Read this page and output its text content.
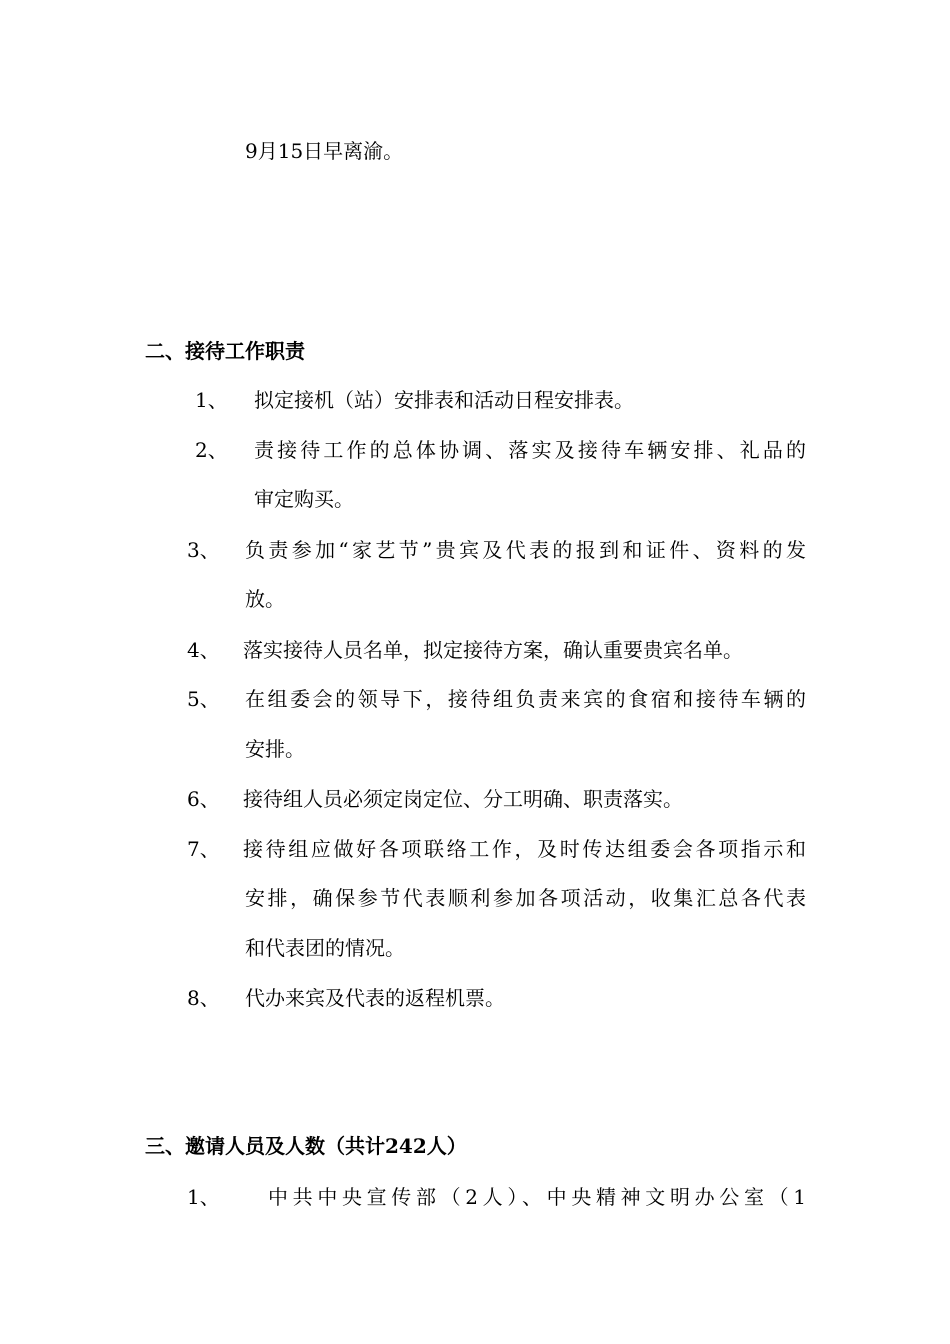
9月15日早离渝。
二、接待工作职责
1、 拟定接机（站）安排表和活动日程安排表。
2、 责接待工作的总体协调、落实及接待车辆安排、礼品的
审定购买。
3、 负责参加“家艺节”贵宾及代表的报到和证件、资料的发
放。
4、 落实接待人员名单，拟定接待方案，确认重要贵宾名单。
5、 在组委会的领导下，接待组负责来宾的食宿和接待车辆的
安排。
6、 接待组人员必须定岗定位、分工明确、职责落实。
7、 接待组应做好各项联络工作，及时传达组委会各项指示和
安排，确保参节代表顺利参加各项活动，收集汇总各代表
和代表团的情况。
8、 代办来宾及代表的返程机票。
三、邀请人员及人数（共计242人）
1、 中共中央宣传部（2人）、中央精神文明办公室（1
